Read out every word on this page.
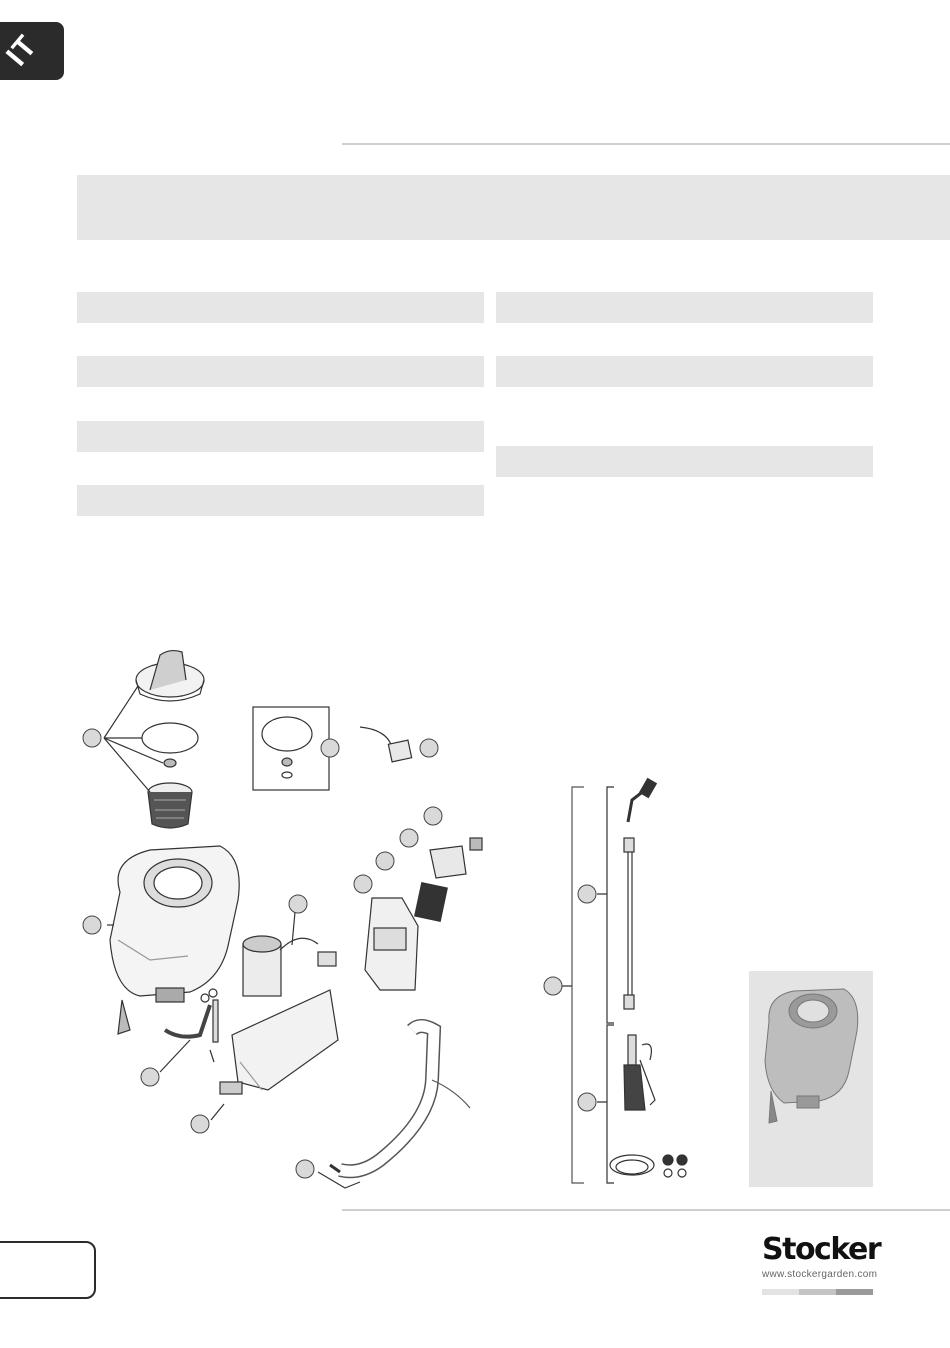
IT
Stocker
www.stockergarden.com
